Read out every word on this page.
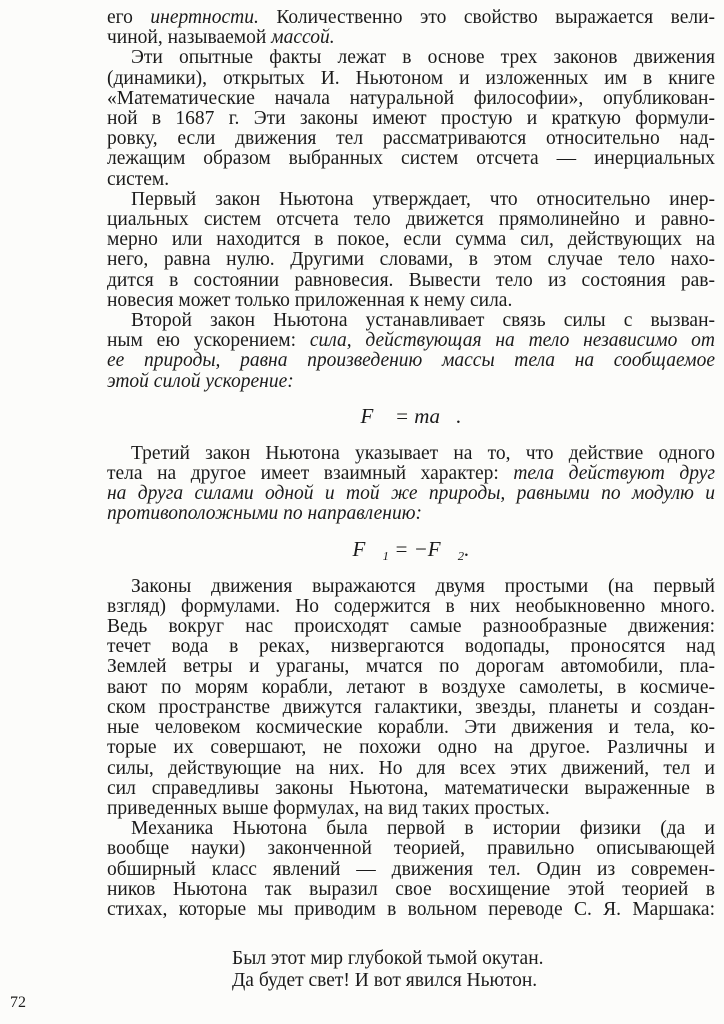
его инертности. Количественно это свойство выражается вели-
чиной, называемой массой.
Эти опытные факты лежат в основе трех законов движения
(динамики), открытых И. Ньютоном и изложенных им в книге
«Математические начала натуральной философии», опубликован-
ной в 1687 г. Эти законы имеют простую и краткую формули-
ровку, если движения тел рассматриваются относительно над-
лежащим образом выбранных систем отсчета — инерциальных
систем.
Первый закон Ньютона утверждает, что относительно инер-
циальных систем отсчета тело движется прямолинейно и равно-
мерно или находится в покое, если сумма сил, действующих на
него, равна нулю. Другими словами, в этом случае тело нахо-
дится в состоянии равновесия. Вывести тело из состояния рав-
новесия может только приложенная к нему сила.
Второй закон Ньютона устанавливает связь силы с вызван-
ным ею ускорением: сила, действующая на тело независимо от
ее природы, равна произведению массы тела на сообщаемое
этой силой ускорение:
F⃗ = ma⃗.
Третий закон Ньютона указывает на то, что действие одного
тела на другое имеет взаимный характер: тела действуют друг
на друга силами одной и той же природы, равными по модулю и
противоположными по направлению:
F⃗₁ = −F⃗₂.
Законы движения выражаются двумя простыми (на первый
взгляд) формулами. Но содержится в них необыкновенно много.
Ведь вокруг нас происходят самые разнообразные движения:
течет вода в реках, низвергаются водопады, проносятся над
Землей ветры и ураганы, мчатся по дорогам автомобили, пла-
вают по морям корабли, летают в воздухе самолеты, в космиче-
ском пространстве движутся галактики, звезды, планеты и создан-
ные человеком космические корабли. Эти движения и тела, ко-
торые их совершают, не похожи одно на другое. Различны и
силы, действующие на них. Но для всех этих движений, тел и
сил справедливы законы Ньютона, математически выраженные в
приведенных выше формулах, на вид таких простых.
Механика Ньютона была первой в истории физики (да и
вообще науки) законченной теорией, правильно описывающей
обширный класс явлений — движения тел. Один из современ-
ников Ньютона так выразил свое восхищение этой теорией в
стихах, которые мы приводим в вольном переводе С. Я. Маршака:
Был этот мир глубокой тьмой окутан.
Да будет свет! И вот явился Ньютон.
72
